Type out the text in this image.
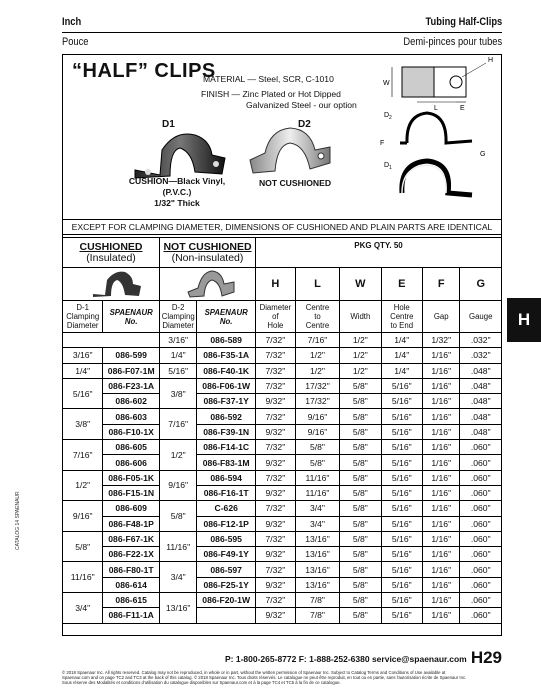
Inch	Tubing Half-Clips
Pouce	Demi-pinces pour tubes
“HALF” CLIPS
MATERIAL — Steel, SCR, C-1010
FINISH — Zinc Plated or Hot Dipped
Galvanized Steel - our option
D1	D2
CUSHION—Black Vinyl,
(P.V.C.)
1/32" Thick
NOT CUSHIONED
W
H
L	E
D 2
F
G
D 1
EXCEPT FOR CLAMPING DIAMETER, DIMENSIONS OF CUSHIONED AND PLAIN PARTS ARE IDENTICAL
CUSHIONED
(Insulated)		NOT CUSHIONED
(Non-insulated)		PKG QTY. 50					
		H	L	W	E	F	G
D-1
Clamping
Diameter	SPAENAUR
No.	D-2
Clamping
Diameter	SPAENAUR
No.	Diameter
of
Hole	Centre
to
Centre	Width	Hole
Centre
to End	Gap	Gauge
		3/16"	086-589	7/32"	7/16"	1/2"	1/4"	1/32"	.032"
3/16"	086-599	1/4"	086-F35-1A	7/32"	1/2"	1/2"	1/4"	1/16"	.032"
1/4"	086-F07-1M	5/16"	086-F40-1K	7/32"	1/2"	1/2"	1/4"	1/16"	.048"
5/16"	086-F23-1A	3/8"	086-F06-1W	7/32"	17/32"	5/8"	5/16"	1/16"	.048"
	086-602		086-F37-1Y	9/32"	17/32"	5/8"	5/16"	1/16"	.048"
3/8"	086-603	7/16"	086-592	7/32"	9/16"	5/8"	5/16"	1/16"	.048"
	086-F10-1X		086-F39-1N	9/32"	9/16"	5/8"	5/16"	1/16"	.048"
7/16"	086-605	1/2"	086-F14-1C	7/32"	5/8"	5/8"	5/16"	1/16"	.060"
	086-606		086-F83-1M	9/32"	5/8"	5/8"	5/16"	1/16"	.060"
1/2"	086-F05-1K	9/16"	086-594	7/32"	11/16"	5/8"	5/16"	1/16"	.060"
	086-F15-1N		086-F16-1T	9/32"	11/16"	5/8"	5/16"	1/16"	.060"
9/16"	086-609	5/8"	C-626	7/32"	3/4"	5/8"	5/16"	1/16"	.060"
	086-F48-1P		086-F12-1P	9/32"	3/4"	5/8"	5/16"	1/16"	.060"
5/8"	086-F67-1K	11/16"	086-595	7/32"	13/16"	5/8"	5/16"	1/16"	.060"
	086-F22-1X		086-F49-1Y	9/32"	13/16"	5/8"	5/16"	1/16"	.060"
11/16"	086-F80-1T	3/4"	086-597	7/32"	13/16"	5/8"	5/16"	1/16"	.060"
	086-614		086-F25-1Y	9/32"	13/16"	5/8"	5/16"	1/16"	.060"
3/4"	086-615	13/16"	086-F20-1W	7/32"	7/8"	5/8"	5/16"	1/16"	.060"
	086-F11-1A			9/32"	7/8"	5/8"	5/16"	1/16"	.060"
H
CATALOG 14 SPAENAUR
P: 1-800-265-8772 F: 1-888-252-6380 service@spaenaur.com H29
© 2018 Spaenaur Inc. All rights reserved. Catalog may not be reproduced, in whole or in part, without the written permission of Spaenaur Inc. Subject to Catalog Terms and Conditions of Use available at Spaenaur.com and on page TC2 and TC3 at the back of this catalog. © 2018 Spaenaur Inc. Tous droits réservés. Le catalogue ne peut être reproduit, en tout ou en partie, sans l'autorisation écrite de Spaenaur Inc. Sous réserve des Modalités et conditions d'utilisation du catalogue disponibles sur Spaenaur.com et à la page TC4 et TC5 à la fin de ce catalogue.
